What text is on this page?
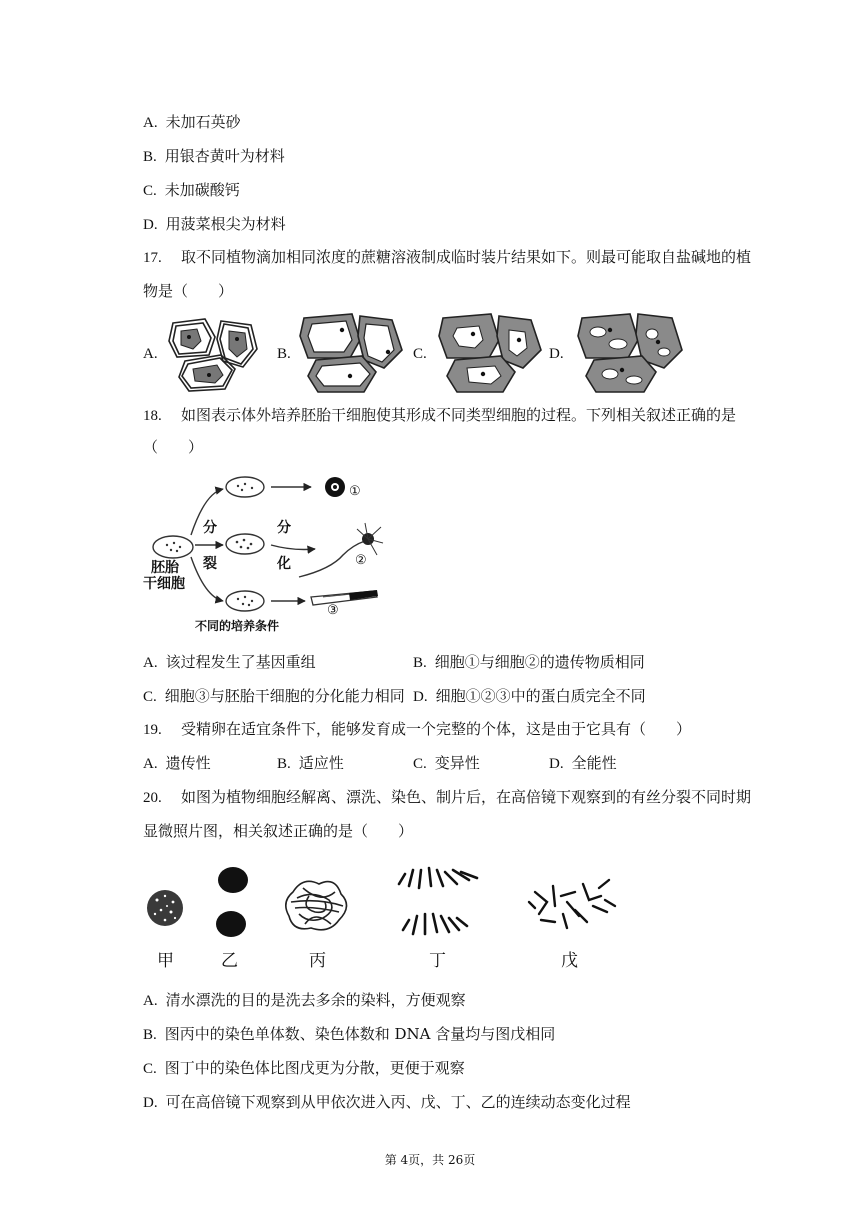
A. 未加石英砂
B. 用银杏黄叶为材料
C. 未加碳酸钙
D. 用菠菜根尖为材料
17. 取不同植物滴加相同浓度的蔗糖溶液制成临时装片结果如下。则最可能取自盐碱地的植
物是（　　）
A.	B.	C.	D.
18. 如图表示体外培养胚胎干细胞使其形成不同类型细胞的过程。下列相关叙述正确的是
（　　）
①
②
③
胚胎
干细胞
分
裂
分
化
不同的培养条件
A. 该过程发生了基因重组	B. 细胞①与细胞②的遗传物质相同
C. 细胞③与胚胎干细胞的分化能力相同 D. 细胞①②③中的蛋白质完全不同
19. 受精卵在适宜条件下，能够发育成一个完整的个体，这是由于它具有（　　）
A. 遗传性	B. 适应性	C. 变异性	D. 全能性
20. 如图为植物细胞经解离、漂洗、染色、制片后，在高倍镜下观察到的有丝分裂不同时期
显微照片图，相关叙述正确的是（　　）
甲	乙	丙	丁	戊
A. 清水漂洗的目的是洗去多余的染料，方便观察
B. 图丙中的染色单体数、染色体数和 DNA 含量均与图戊相同
C. 图丁中的染色体比图戊更为分散，更便于观察
D. 可在高倍镜下观察到从甲依次进入丙、戊、丁、乙的连续动态变化过程
第 4页，共 26页
